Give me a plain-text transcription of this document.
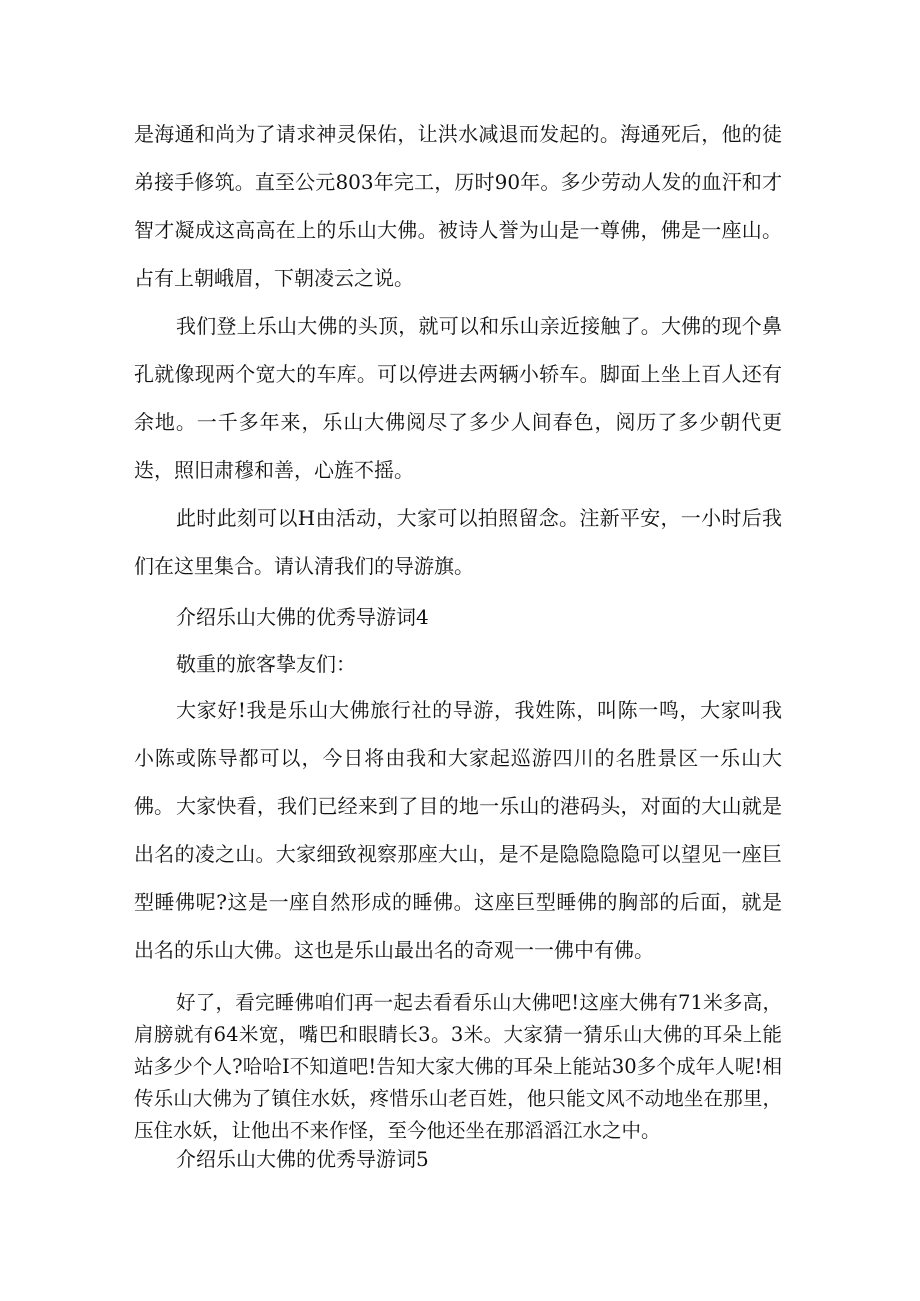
是海通和尚为了请求神灵保佑，让洪水减退而发起的。海通死后，他的徒弟接手修筑。直至公元803年完工，历时90年。多少劳动人发的血汗和才智才凝成这高高在上的乐山大佛。被诗人誉为山是一尊佛，佛是一座山。占有上朝峨眉，下朝凌云之说。

我们登上乐山大佛的头顶，就可以和乐山亲近接触了。大佛的现个鼻孔就像现两个宽大的车库。可以停进去两辆小轿车。脚面上坐上百人还有余地。一千多年来，乐山大佛阅尽了多少人间春色，阅历了多少朝代更迭，照旧肃穆和善，心旌不摇。

此时此刻可以H由活动，大家可以拍照留念。注新平安，一小时后我们在这里集合。请认清我们的导游旗。

介绍乐山大佛的优秀导游词4

敬重的旅客挚友们：

大家好!我是乐山大佛旅行社的导游，我姓陈，叫陈一鸣，大家叫我小陈或陈导都可以，今日将由我和大家起巡游四川的名胜景区一乐山大佛。 大家快看，我们已经来到了目的地一乐山的港码头，对面的大山就是出名的凌之山。大家细致视察那座大山，是不是隐隐隐隐可以望见一座巨型睡佛呢?这是一座自然形成的睡佛。这座巨型睡佛的胸部的后面，就是出名的乐山大佛。这也是乐山最出名的奇观一一佛中有佛。

好了，看完睡佛咱们再一起去看看乐山大佛吧!这座大佛有71米多高，肩膀就有64米宽，嘴巴和眼睛长3。3米。大家猜一猜乐山大佛的耳朵上能站多少个人?哈哈I不知道吧!告知大家大佛的耳朵上能站30多个成年人呢!相传乐山大佛为了镇住水妖，疼惜乐山老百姓，他只能文风不动地坐在那里，压住水妖，让他出不来作怪，至今他还坐在那滔滔江水之中。

介绍乐山大佛的优秀导游词5
